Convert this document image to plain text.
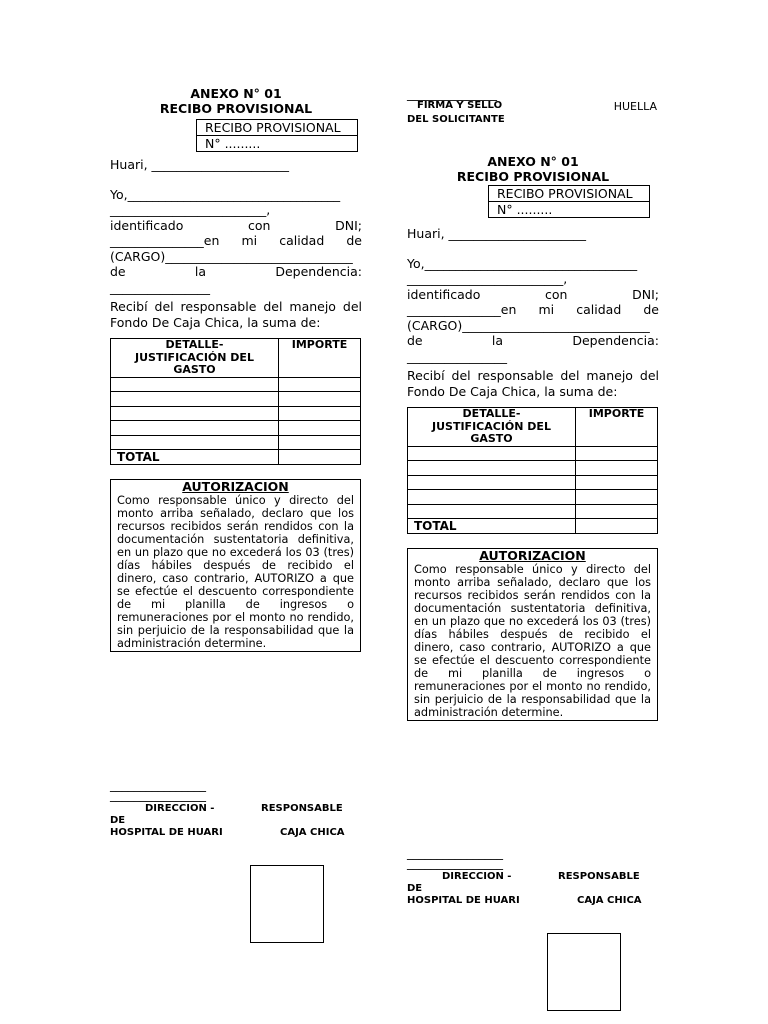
ANEXO N° 01
RECIBO PROVISIONAL
RECIBO PROVISIONAL
N° .........
Huari, ______________________
Yo,__________________________________
_________________________,
identificado	con	DNI;
_______________en mi calidad de
(CARGO)______________________________
de	la	Dependencia:
________________
Recibí del responsable del manejo del Fondo De Caja Chica, la suma de:
DETALLE-
JUSTIFICACIÓN DEL
GASTO	IMPORTE

TOTAL	
AUTORIZACION
Como responsable único y directo del monto arriba señalado, declaro que los recursos recibidos serán rendidos con la documentación sustentatoria definitiva, en un plazo que no excederá los 03 (tres) días hábiles después de recibido el dinero, caso contrario, AUTORIZO a que se efectúe el descuento correspondiente de mi planilla de ingresos o remuneraciones por el monto no rendido, sin perjuicio de la responsabilidad que la administración determine.
________________
________________
DIRECCION -	RESPONSABLE
DE
HOSPITAL DE HUARI	CAJA CHICA
_______________
FIRMA Y SELLO	HUELLA
DEL SOLICITANTE
ANEXO N° 01
RECIBO PROVISIONAL
RECIBO PROVISIONAL
N° .........
Huari, ______________________
Yo,__________________________________
_________________________,
identificado	con	DNI;
_______________en mi calidad de
(CARGO)______________________________
de	la	Dependencia:
________________
Recibí del responsable del manejo del Fondo De Caja Chica, la suma de:
DETALLE-
JUSTIFICACIÓN DEL
GASTO	IMPORTE

TOTAL	
AUTORIZACION
Como responsable único y directo del monto arriba señalado, declaro que los recursos recibidos serán rendidos con la documentación sustentatoria definitiva, en un plazo que no excederá los 03 (tres) días hábiles después de recibido el dinero, caso contrario, AUTORIZO a que se efectúe el descuento correspondiente de mi planilla de ingresos o remuneraciones por el monto no rendido, sin perjuicio de la responsabilidad que la administración determine.
________________
________________
DIRECCION -	RESPONSABLE
DE
HOSPITAL DE HUARI	CAJA CHICA
